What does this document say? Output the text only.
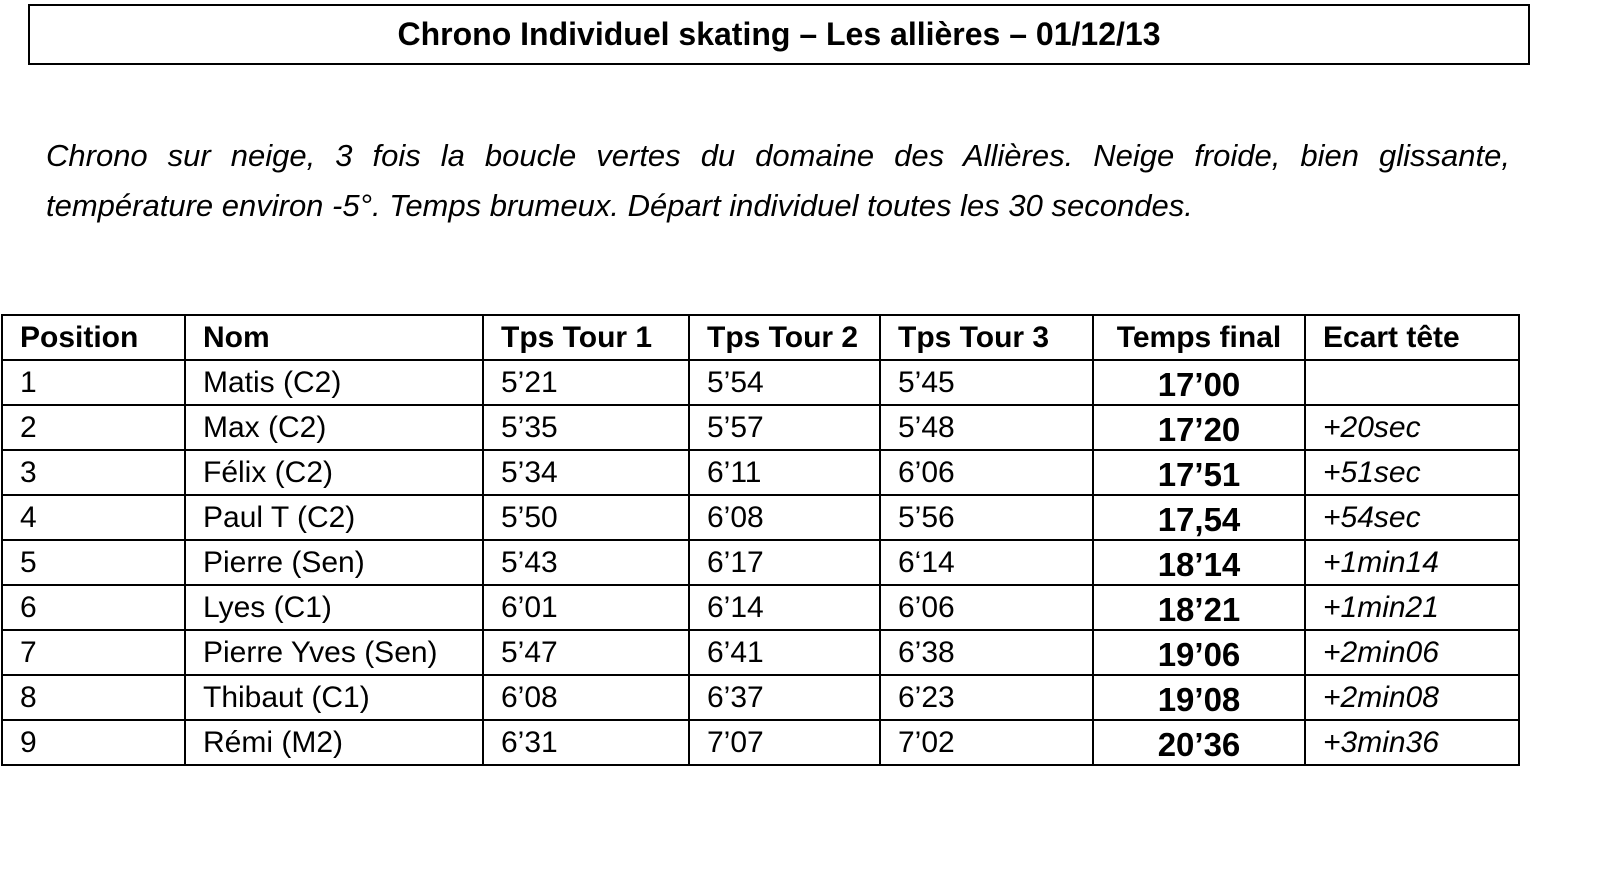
Chrono Individuel skating – Les allières – 01/12/13

Chrono sur neige, 3 fois la boucle vertes du domaine des Allières. Neige froide, bien glissante, température environ -5°. Temps brumeux. Départ individuel toutes les 30 secondes.

Position	Nom	Tps Tour 1	Tps Tour 2	Tps Tour 3	Temps final	Ecart tête
1	Matis (C2)	5’21	5’54	5’45	17’00	
2	Max (C2)	5’35	5’57	5’48	17’20	+20sec
3	Félix (C2)	5’34	6’11	6’06	17’51	+51sec
4	Paul T (C2)	5’50	6’08	5’56	17,54	+54sec
5	Pierre (Sen)	5’43	6’17	6‘14	18’14	+1min14
6	Lyes (C1)	6’01	6’14	6’06	18’21	+1min21
7	Pierre Yves (Sen)	5’47	6’41	6’38	19’06	+2min06
8	Thibaut (C1)	6’08	6’37	6’23	19’08	+2min08
9	Rémi (M2)	6’31	7’07	7’02	20’36	+3min36
